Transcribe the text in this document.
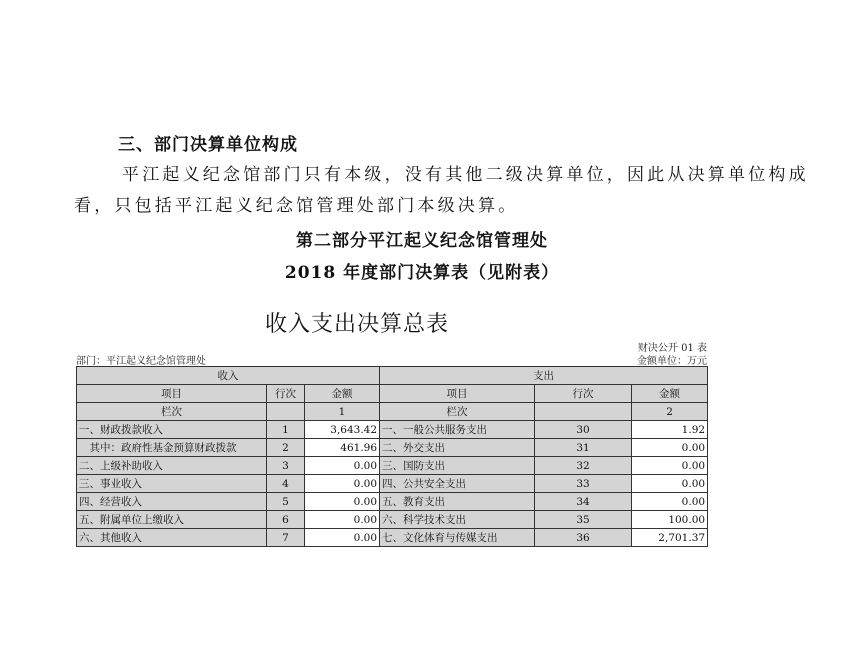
三、部门决算单位构成
平江起义纪念馆部门只有本级，没有其他二级决算单位，因此从决算单位构成
看，只包括平江起义纪念馆管理处部门本级决算。
第二部分平江起义纪念馆管理处
2018 年度部门决算表（见附表）
收入支出决算总表
财决公开 01 表
部门：平江起义纪念馆管理处	金额单位：万元
收入			支出		
项目	行次	金额	项目	行次	金额
栏次		1	栏次		2
一、财政拨款收入	1	3,643.42	一、一般公共服务支出	30	1.92
　其中：政府性基金预算财政拨款	2	461.96	二、外交支出	31	0.00
二、上级补助收入	3	0.00	三、国防支出	32	0.00
三、事业收入	4	0.00	四、公共安全支出	33	0.00
四、经营收入	5	0.00	五、教育支出	34	0.00
五、附属单位上缴收入	6	0.00	六、科学技术支出	35	100.00
六、其他收入	7	0.00	七、文化体育与传媒支出	36	2,701.37
